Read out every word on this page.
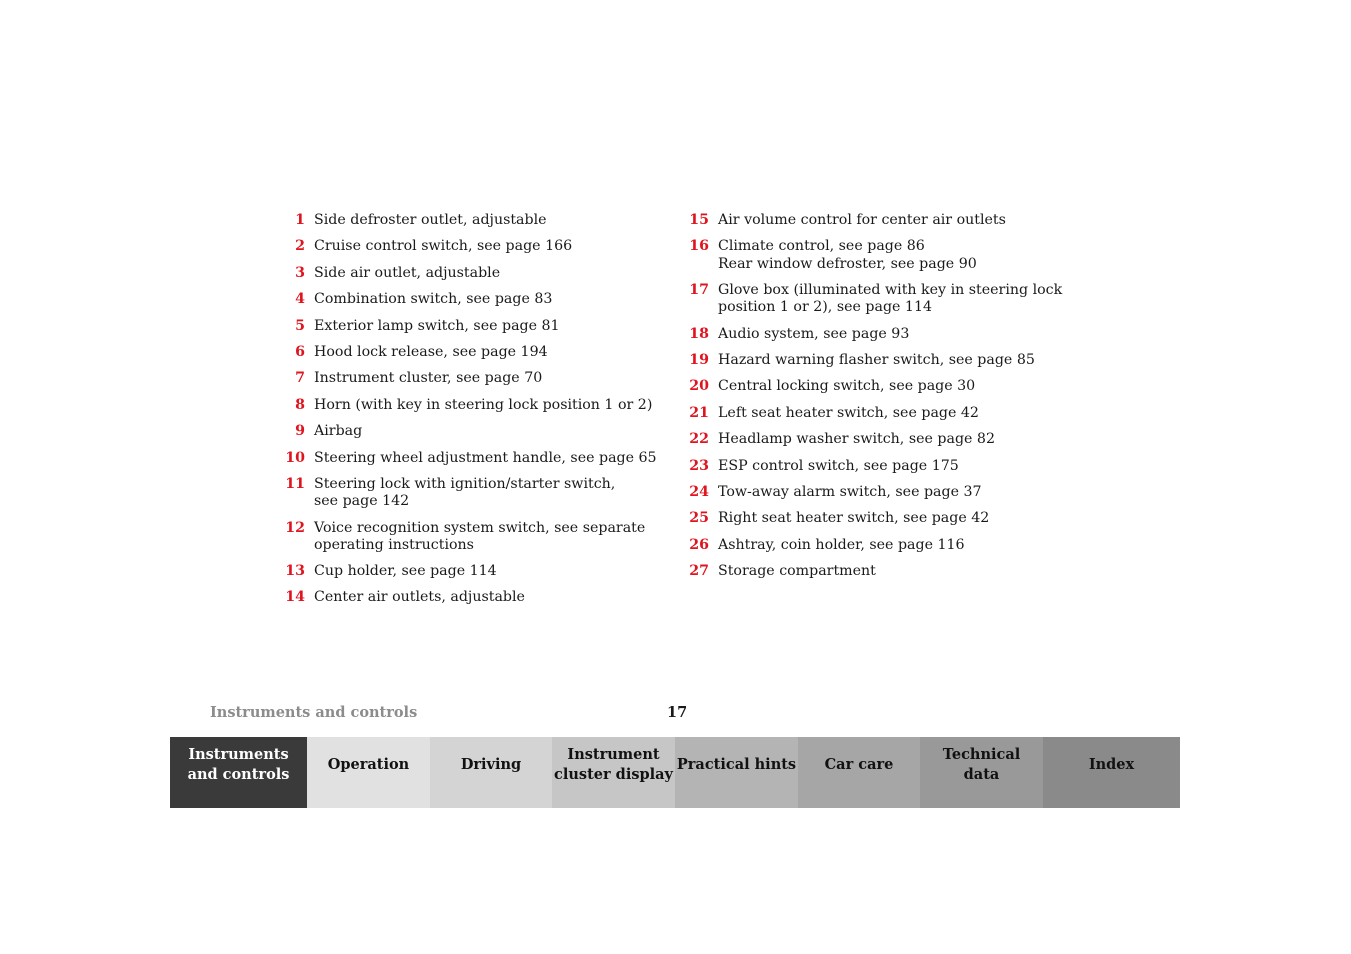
1 Side defroster outlet, adjustable
2 Cruise control switch, see page 166
3 Side air outlet, adjustable
4 Combination switch, see page 83
5 Exterior lamp switch, see page 81
6 Hood lock release, see page 194
7 Instrument cluster, see page 70
8 Horn (with key in steering lock position 1 or 2)
9 Airbag
10 Steering wheel adjustment handle, see page 65
11 Steering lock with ignition/starter switch,
see page 142
12 Voice recognition system switch, see separate
operating instructions
13 Cup holder, see page 114
14 Center air outlets, adjustable
15 Air volume control for center air outlets
16 Climate control, see page 86
Rear window defroster, see page 90
17 Glove box (illuminated with key in steering lock
position 1 or 2), see page 114
18 Audio system, see page 93
19 Hazard warning flasher switch, see page 85
20 Central locking switch, see page 30
21 Left seat heater switch, see page 42
22 Headlamp washer switch, see page 82
23 ESP control switch, see page 175
24 Tow-away alarm switch, see page 37
25 Right seat heater switch, see page 42
26 Ashtray, coin holder, see page 116
27 Storage compartment
Instruments and controls	17
Instruments
and controls
Operation	Driving
Instrument
cluster display
Practical hints	Car care
Technical
data
Index
